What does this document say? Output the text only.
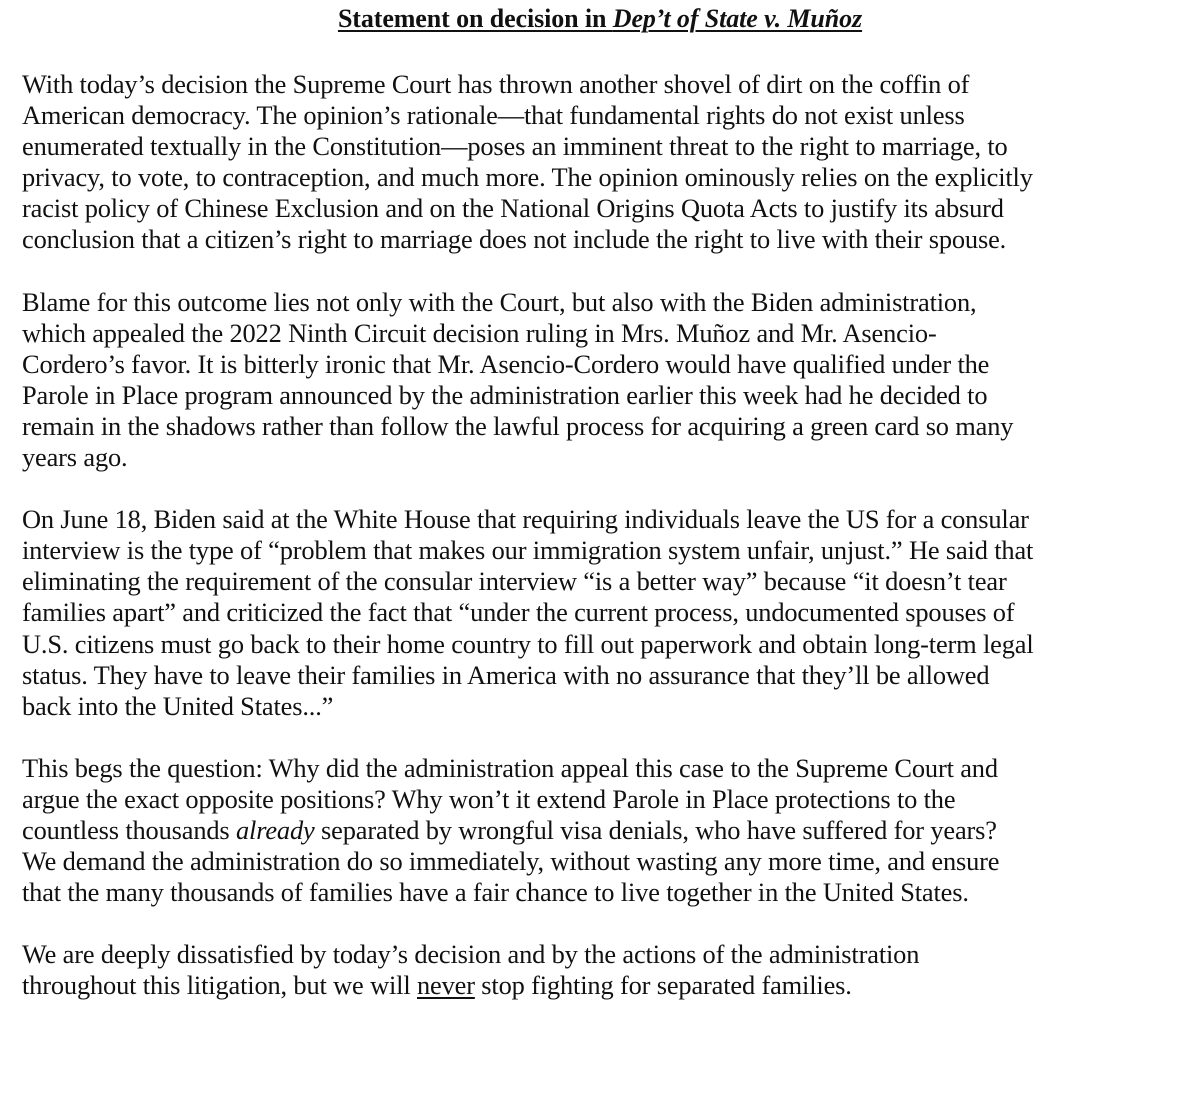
Statement on decision in Dep’t of State v. Muñoz
With today’s decision the Supreme Court has thrown another shovel of dirt on the coffin of
American democracy. The opinion’s rationale—that fundamental rights do not exist unless
enumerated textually in the Constitution—poses an imminent threat to the right to marriage, to
privacy, to vote, to contraception, and much more. The opinion ominously relies on the explicitly
racist policy of Chinese Exclusion and on the National Origins Quota Acts to justify its absurd
conclusion that a citizen’s right to marriage does not include the right to live with their spouse.
Blame for this outcome lies not only with the Court, but also with the Biden administration,
which appealed the 2022 Ninth Circuit decision ruling in Mrs. Muñoz and Mr. Asencio-
Cordero’s favor. It is bitterly ironic that Mr. Asencio-Cordero would have qualified under the
Parole in Place program announced by the administration earlier this week had he decided to
remain in the shadows rather than follow the lawful process for acquiring a green card so many
years ago.
On June 18, Biden said at the White House that requiring individuals leave the US for a consular
interview is the type of “problem that makes our immigration system unfair, unjust.” He said that
eliminating the requirement of the consular interview “is a better way” because “it doesn’t tear
families apart” and criticized the fact that “under the current process, undocumented spouses of
U.S. citizens must go back to their home country to fill out paperwork and obtain long-term legal
status. They have to leave their families in America with no assurance that they’ll be allowed
back into the United States...”
This begs the question: Why did the administration appeal this case to the Supreme Court and
argue the exact opposite positions? Why won’t it extend Parole in Place protections to the
countless thousands already separated by wrongful visa denials, who have suffered for years?
We demand the administration do so immediately, without wasting any more time, and ensure
that the many thousands of families have a fair chance to live together in the United States.
We are deeply dissatisfied by today’s decision and by the actions of the administration
throughout this litigation, but we will never stop fighting for separated families.
